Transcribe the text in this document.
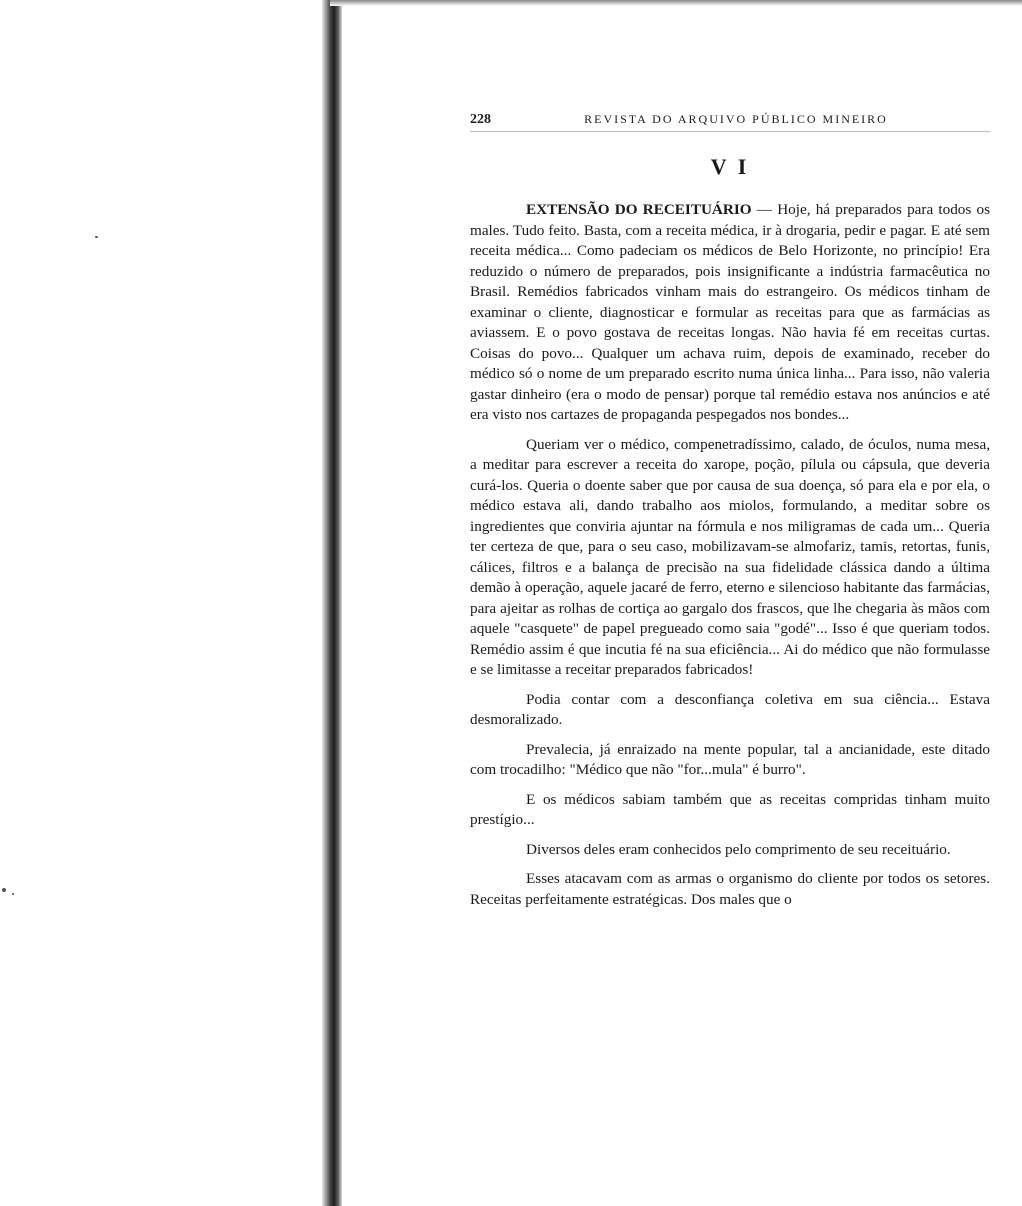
228	REVISTA DO ARQUIVO PÚBLICO MINEIRO
V I

EXTENSÃO DO RECEITUÁRIO — Hoje, há preparados para todos os males. Tudo feito. Basta, com a receita médica, ir à drogaria, pedir e pagar. E até sem receita médica... Como padeciam os médicos de Belo Horizonte, no princípio! Era reduzido o número de preparados, pois insignificante a indústria farmacêutica no Brasil. Remédios fabricados vinham mais do estrangeiro. Os médicos tinham de examinar o cliente, diagnosticar e formular as receitas para que as farmácias as aviassem. E o povo gostava de receitas longas. Não havia fé em receitas curtas. Coisas do povo... Qualquer um achava ruim, depois de examinado, receber do médico só o nome de um preparado escrito numa única linha... Para isso, não valeria gastar dinheiro (era o modo de pensar) porque tal remédio estava nos anúncios e até era visto nos cartazes de propaganda pespegados nos bondes...

Queriam ver o médico, compenetradíssimo, calado, de óculos, numa mesa, a meditar para escrever a receita do xarope, poção, pílula ou cápsula, que deveria curá-los. Queria o doente saber que por causa de sua doença, só para ela e por ela, o médico estava ali, dando trabalho aos miolos, formulando, a meditar sobre os ingredientes que conviria ajuntar na fórmula e nos miligramas de cada um... Queria ter certeza de que, para o seu caso, mobilizavam-se almofariz, tamis, retortas, funis, cálices, filtros e a balança de precisão na sua fidelidade clássica dando a última demão à operação, aquele jacaré de ferro, eterno e silencioso habitante das farmácias, para ajeitar as rolhas de cortiça ao gargalo dos frascos, que lhe chegaria às mãos com aquele "casquete" de papel pregueado como saia "godé"... Isso é que queriam todos. Remédio assim é que incutia fé na sua eficiência... Ai do médico que não formulasse e se limitasse a receitar preparados fabricados!

Podia contar com a desconfiança coletiva em sua ciência... Estava desmoralizado.

Prevalecia, já enraizado na mente popular, tal a ancianidade, este ditado com trocadilho: "Médico que não "for...mula" é burro".

E os médicos sabiam também que as receitas compridas tinham muito prestígio...

Diversos deles eram conhecidos pelo comprimento de seu receituário.

Esses atacavam com as armas o organismo do cliente por todos os setores. Receitas perfeitamente estratégicas. Dos males que o
